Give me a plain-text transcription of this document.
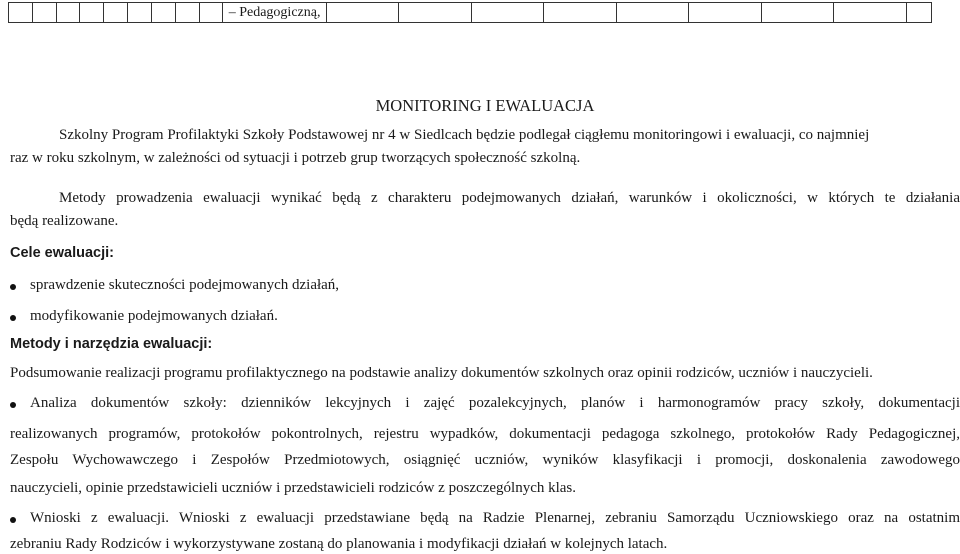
									– Pedagogiczną,									
MONITORING I EWALUACJA
Szkolny Program Profilaktyki Szkoły Podstawowej nr 4 w Siedlcach będzie podlegał ciągłemu monitoringowi i ewaluacji, co najmniej
raz w roku szkolnym, w zależności od sytuacji i potrzeb grup tworzących społeczność szkolną.
Metody prowadzenia ewaluacji wynikać będą z charakteru podejmowanych działań, warunków i okoliczności, w których te działania
będą realizowane.
Cele ewaluacji:
sprawdzenie skuteczności podejmowanych działań,
modyfikowanie podejmowanych działań.
Metody i narzędzia ewaluacji:
Podsumowanie realizacji programu profilaktycznego na podstawie analizy dokumentów szkolnych oraz opinii rodziców, uczniów i nauczycieli.
Analiza dokumentów szkoły: dzienników lekcyjnych i zajęć pozalekcyjnych, planów i harmonogramów pracy szkoły, dokumentacji
realizowanych programów, protokołów pokontrolnych, rejestru wypadków, dokumentacji pedagoga szkolnego, protokołów Rady Pedagogicznej,
Zespołu Wychowawczego i Zespołów Przedmiotowych, osiągnięć uczniów, wyników klasyfikacji i promocji, doskonalenia zawodowego
nauczycieli, opinie przedstawicieli uczniów i przedstawicieli rodziców z poszczególnych klas.
Wnioski z ewaluacji. Wnioski z ewaluacji przedstawiane będą na Radzie Plenarnej, zebraniu Samorządu Uczniowskiego oraz na ostatnim
zebraniu Rady Rodziców i wykorzystywane zostaną do planowania i modyfikacji działań w kolejnych latach.
